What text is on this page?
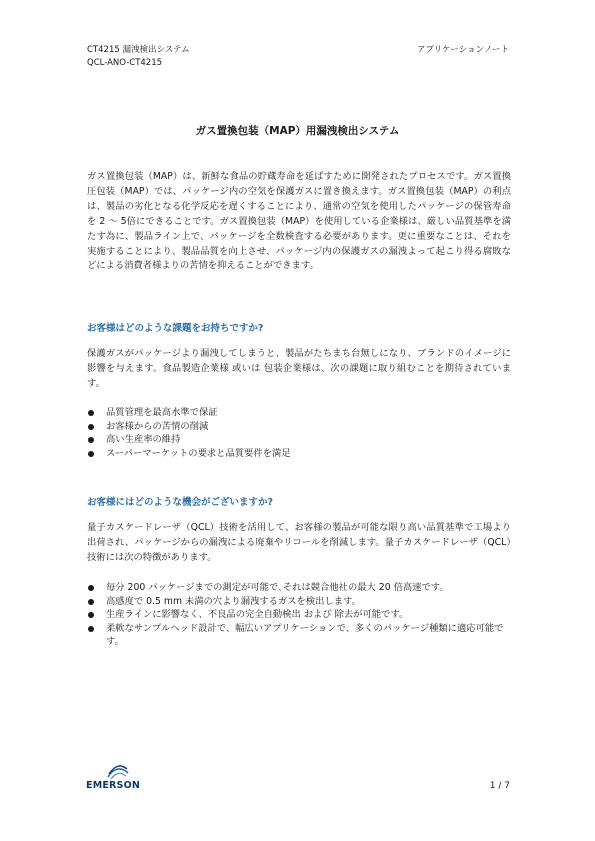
CT4215 漏洩検出システム
QCL-ANO-CT4215
アプリケーションノート
ガス置換包装（MAP）用漏洩検出システム

ガス置換包装（MAP）は、新鮮な食品の貯蔵寿命を延ばすために開発されたプロセスです。ガス置換圧包装（MAP）では、パッケージ内の空気を保護ガスに置き換えます。ガス置換包装（MAP）の利点は、製品の劣化となる化学反応を遅くすることにより、通常の空気を使用したパッケージの保管寿命を 2 ～ 5倍にできることです。ガス置換包装（MAP）を使用している企業様は、厳しい品質基準を満たす為に、製品ライン上で、パッケージを全数検査する必要があります。更に重要なことは、それを実施することにより、製品品質を向上させ、パッケージ内の保護ガスの漏洩よって起こり得る腐敗などによる消費者様よりの苦情を抑えることができます。

お客様はどのような課題をお持ちですか?

保護ガスがパッケージより漏洩してしまうと、製品がたちまち台無しになり、ブランドのイメージに影響を与えます。食品製造企業様 或いは 包装企業様は、次の課題に取り組むことを期待されています。

品質管理を最高水準で保証
お客様からの苦情の削減
高い生産率の維持
スーパーマーケットの要求と品質要件を満足
お客様にはどのような機会がございますか?

量子カスケードレーザ（QCL）技術を活用して、お客様の製品が可能な限り高い品質基準で工場より出荷され、パッケージからの漏洩による廃棄やリコールを削減します。量子カスケードレーザ（QCL）技術には次の特徴があります。

毎分 200 パッケージまでの測定が可能で､それは競合他社の最大 20 倍高速です。
高感度で 0.5 mm 未満の穴より漏洩するガスを検出します。
生産ラインに影響なく、不良品の完全自動検出 および 除去が可能です。
柔軟なサンプルヘッド設計で、幅広いアプリケーションで、多くのパッケージ種類に適応可能です。
EMERSON	1 / 7
